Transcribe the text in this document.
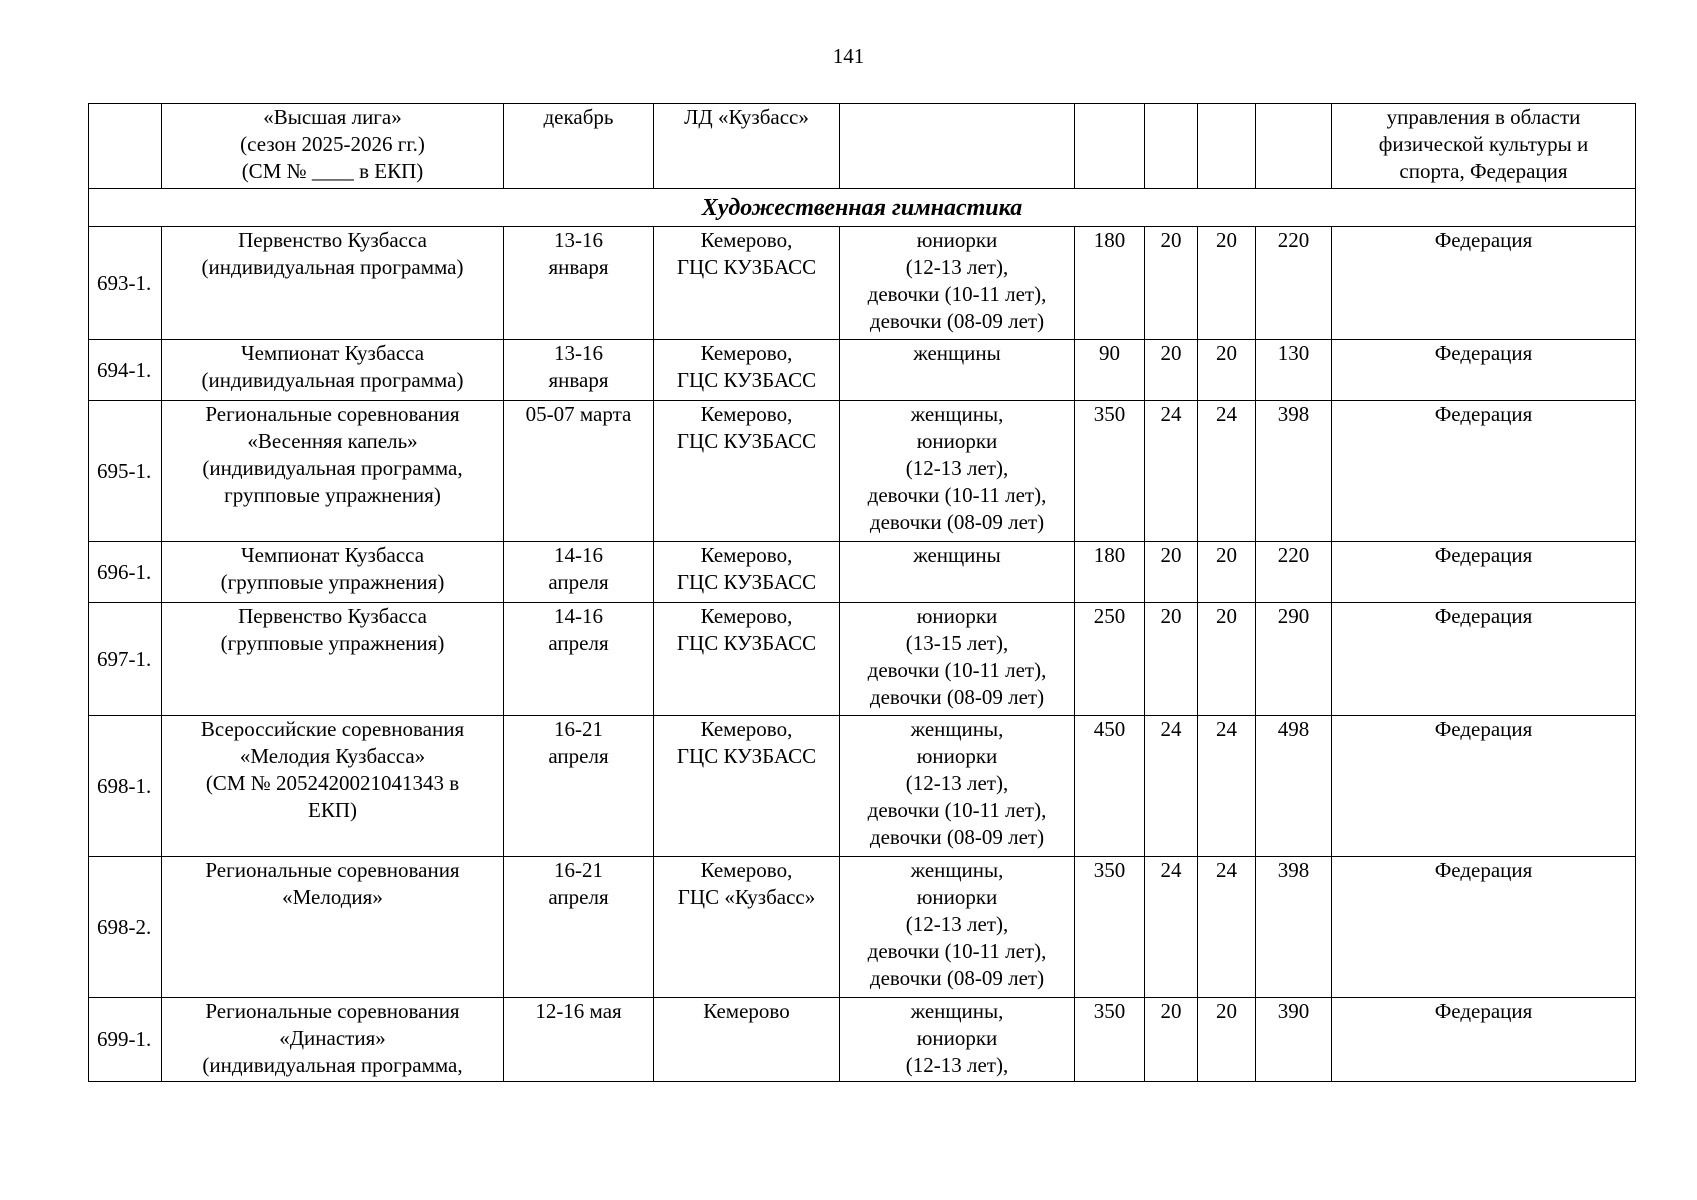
141
	«Высшая лига»
(сезон 2025-2026 гг.)
(СМ № ____ в ЕКП)	декабрь	ЛД «Кузбасс»						управления в области
физической культуры и
спорта, Федерация
Художественная гимнастика									
693-1.	Первенство Кузбасса
(индивидуальная программа)	13-16
января	Кемерово,
ГЦС КУЗБАСС	юниорки
(12-13 лет),
девочки (10-11 лет),
девочки (08-09 лет)	180	20	20	220	Федерация
694-1.	Чемпионат Кузбасса
(индивидуальная программа)	13-16
января	Кемерово,
ГЦС КУЗБАСС	женщины	90	20	20	130	Федерация
695-1.	Региональные соревнования
«Весенняя капель»
(индивидуальная программа,
групповые упражнения)	05-07 марта	Кемерово,
ГЦС КУЗБАСС	женщины,
юниорки
(12-13 лет),
девочки (10-11 лет),
девочки (08-09 лет)	350	24	24	398	Федерация
696-1.	Чемпионат Кузбасса
(групповые упражнения)	14-16
апреля	Кемерово,
ГЦС КУЗБАСС	женщины	180	20	20	220	Федерация
697-1.	Первенство Кузбасса
(групповые упражнения)	14-16
апреля	Кемерово,
ГЦС КУЗБАСС	юниорки
(13-15 лет),
девочки (10-11 лет),
девочки (08-09 лет)	250	20	20	290	Федерация
698-1.	Всероссийские соревнования
«Мелодия Кузбасса»
(СМ № 2052420021041343 в
ЕКП)	16-21
апреля	Кемерово,
ГЦС КУЗБАСС	женщины,
юниорки
(12-13 лет),
девочки (10-11 лет),
девочки (08-09 лет)	450	24	24	498	Федерация
698-2.	Региональные соревнования
«Мелодия»	16-21
апреля	Кемерово,
ГЦС «Кузбасс»	женщины,
юниорки
(12-13 лет),
девочки (10-11 лет),
девочки (08-09 лет)	350	24	24	398	Федерация
699-1.	Региональные соревнования
«Династия»
(индивидуальная программа,	12-16 мая	Кемерово	женщины,
юниорки
(12-13 лет),	350	20	20	390	Федерация
